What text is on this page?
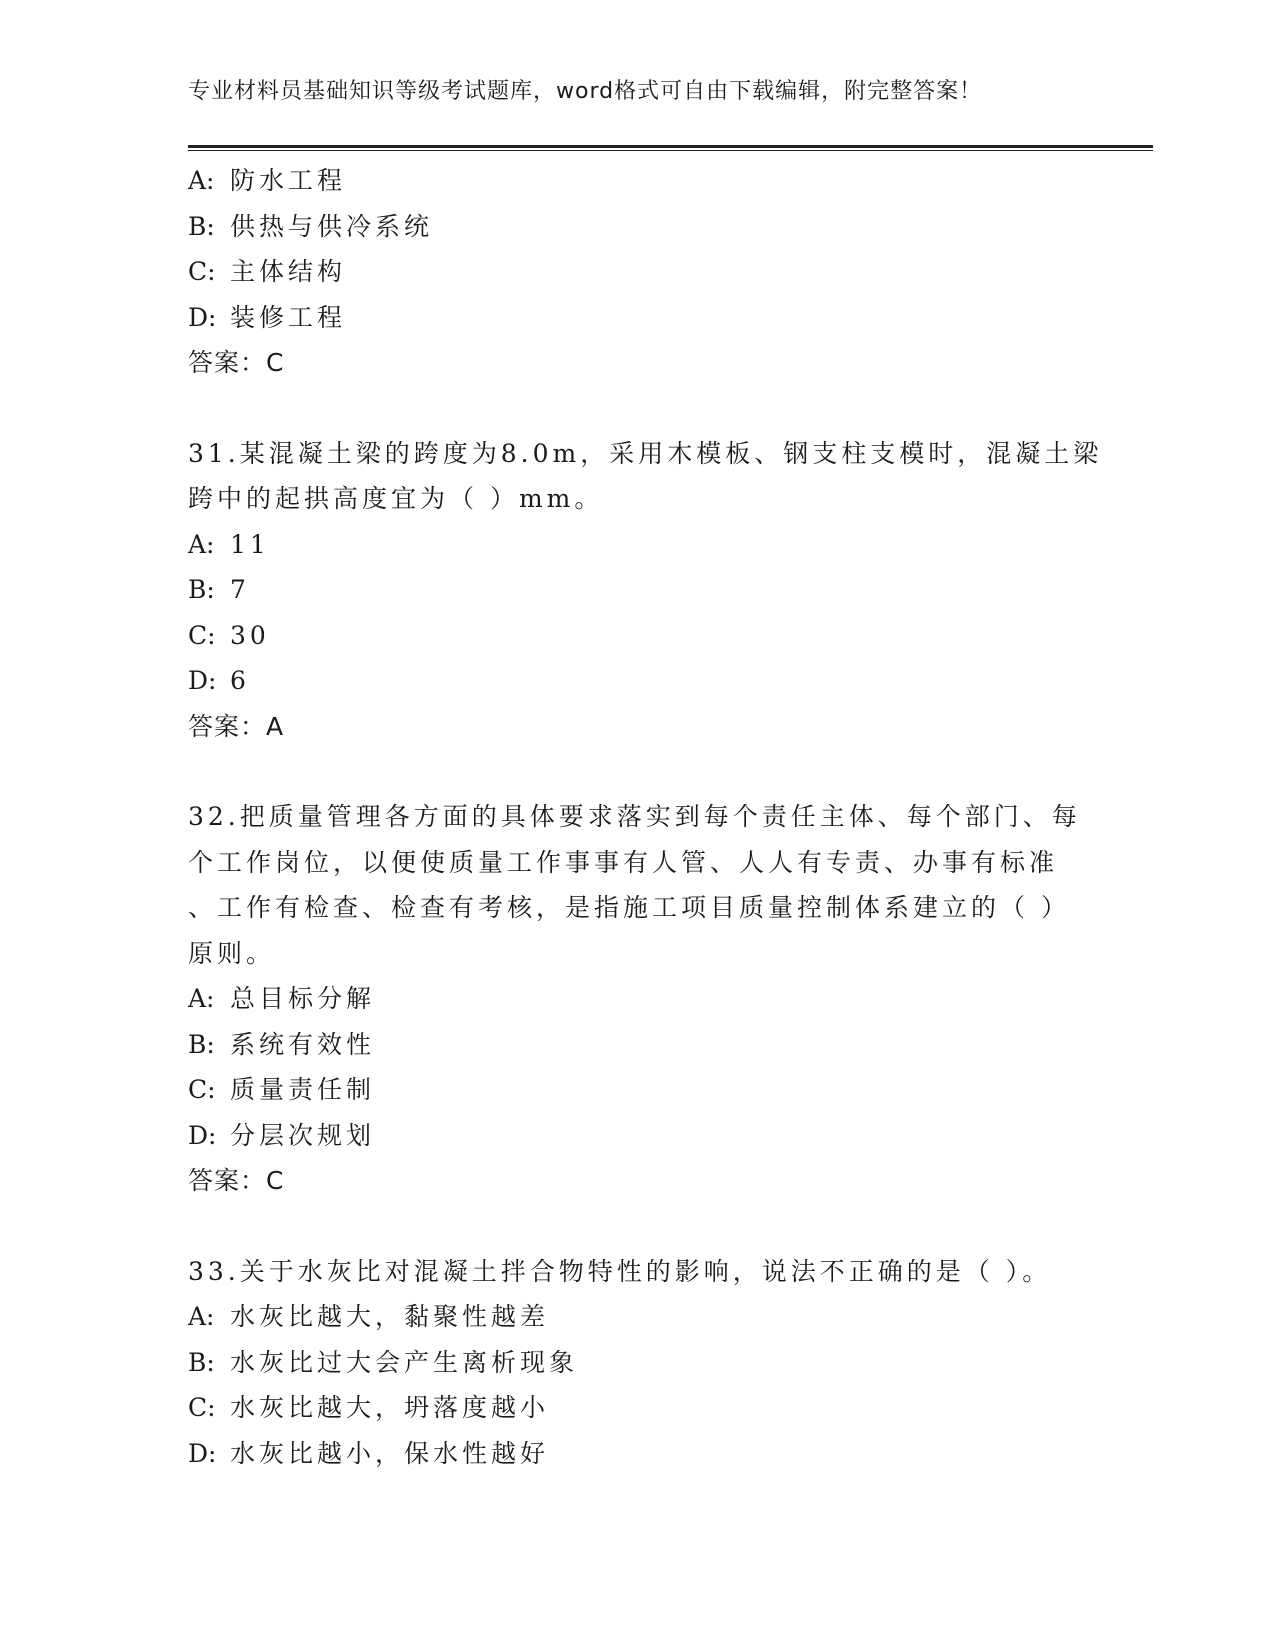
专业材料员基础知识等级考试题库，word格式可自由下载编辑，附完整答案！
A: 防水工程
B: 供热与供冷系统
C: 主体结构
D: 装修工程
答案：C
31.某混凝土梁的跨度为8.0m，采用木模板、钢支柱支模时，混凝土梁
跨中的起拱高度宜为（ ）mm。
A: 11
B: 7
C: 30
D: 6
答案：A
32.把质量管理各方面的具体要求落实到每个责任主体、每个部门、每
个工作岗位，以便使质量工作事事有人管、人人有专责、办事有标准
、工作有检查、检查有考核，是指施工项目质量控制体系建立的（ ）
原则。
A: 总目标分解
B: 系统有效性
C: 质量责任制
D: 分层次规划
答案：C
33.关于水灰比对混凝土拌合物特性的影响，说法不正确的是（ ）。
A: 水灰比越大，黏聚性越差
B: 水灰比过大会产生离析现象
C: 水灰比越大，坍落度越小
D: 水灰比越小，保水性越好
